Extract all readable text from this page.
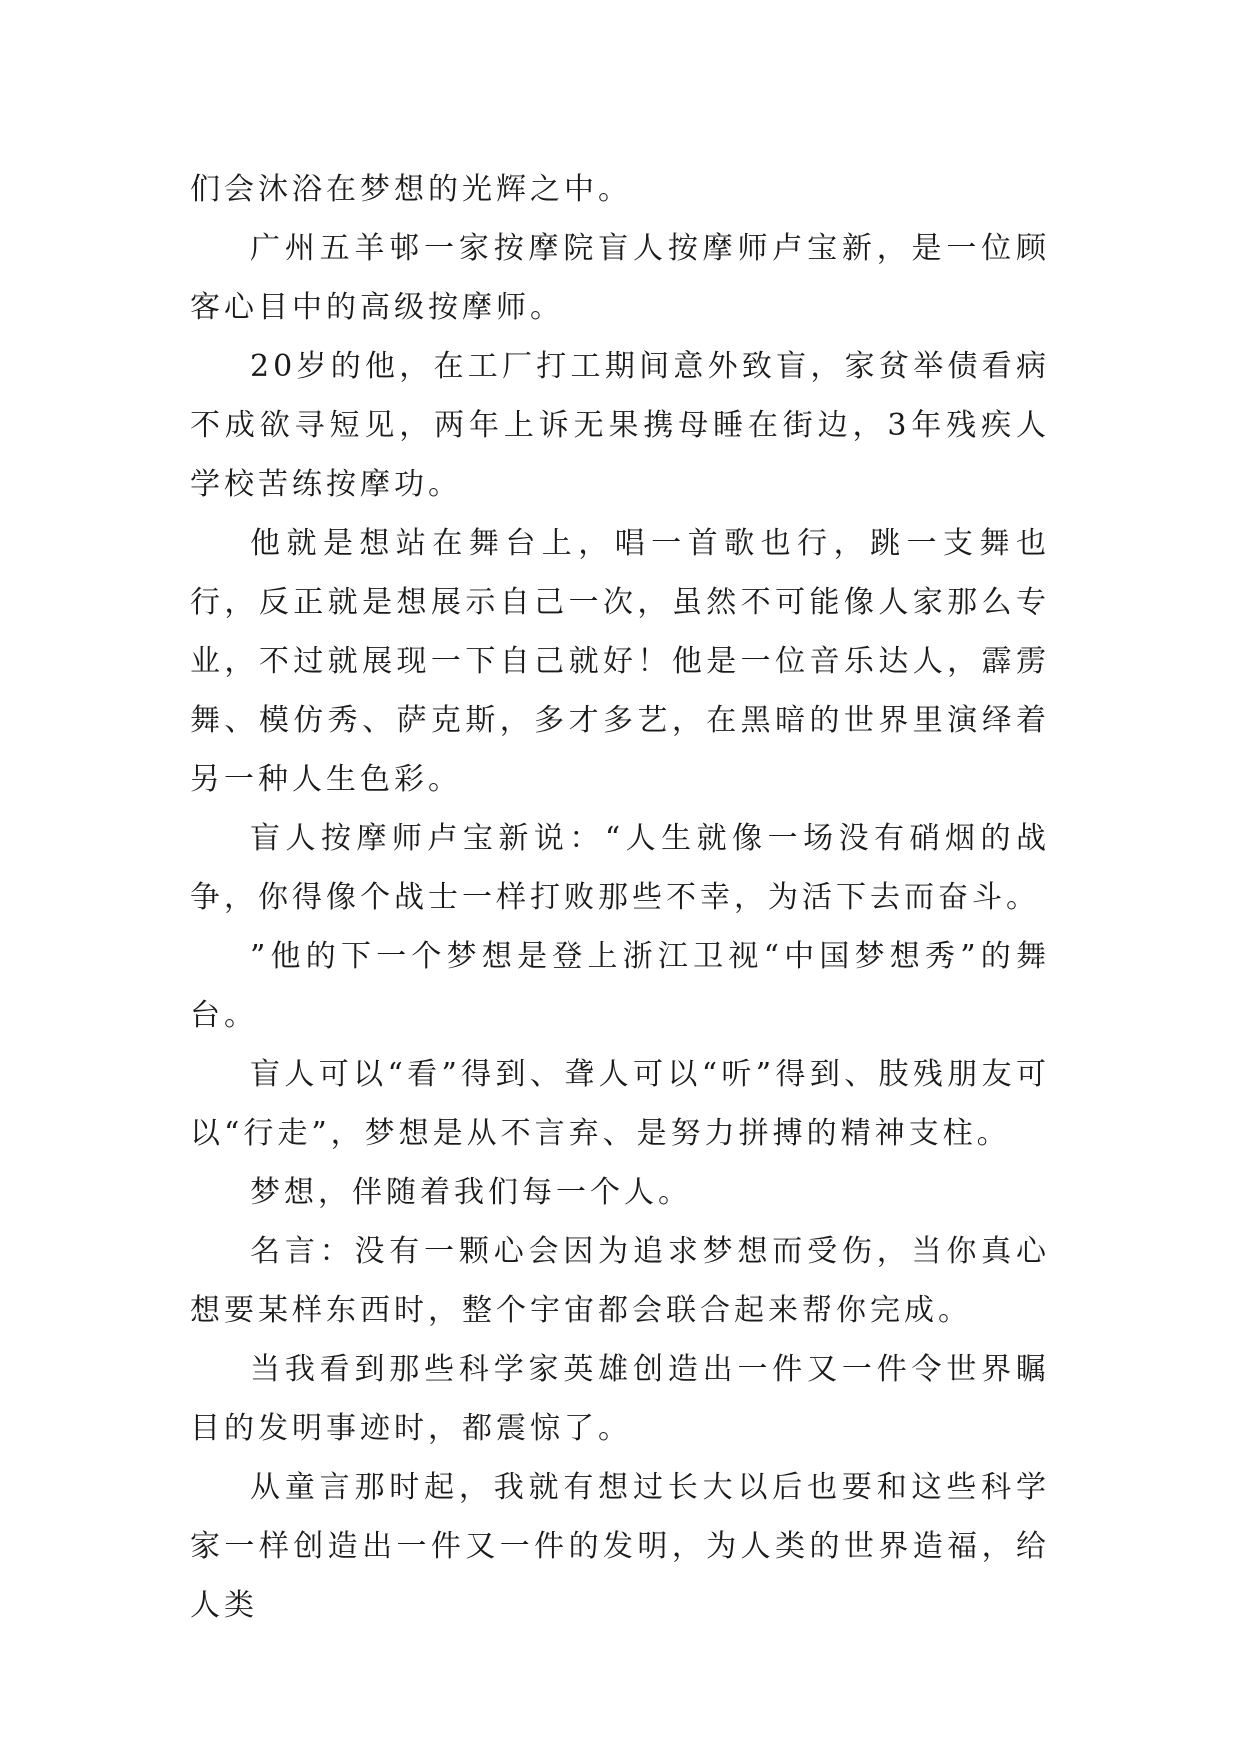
们会沐浴在梦想的光辉之中。

广州五羊邨一家按摩院盲人按摩师卢宝新，是一位顾客心目中的高级按摩师。

20岁的他，在工厂打工期间意外致盲，家贫举债看病不成欲寻短见，两年上诉无果携母睡在街边，3年残疾人学校苦练按摩功。

他就是想站在舞台上，唱一首歌也行，跳一支舞也行，反正就是想展示自己一次，虽然不可能像人家那么专业，不过就展现一下自己就好！他是一位音乐达人，霹雳舞、模仿秀、萨克斯，多才多艺，在黑暗的世界里演绎着另一种人生色彩。

盲人按摩师卢宝新说：“人生就像一场没有硝烟的战争，你得像个战士一样打败那些不幸，为活下去而奋斗。

”他的下一个梦想是登上浙江卫视“中国梦想秀”的舞台。

盲人可以“看”得到、聋人可以“听”得到、肢残朋友可以“行走”，梦想是从不言弃、是努力拼搏的精神支柱。

梦想，伴随着我们每一个人。

名言：没有一颗心会因为追求梦想而受伤，当你真心想要某样东西时，整个宇宙都会联合起来帮你完成。

当我看到那些科学家英雄创造出一件又一件令世界瞩目的发明事迹时，都震惊了。

从童言那时起，我就有想过长大以后也要和这些科学家一样创造出一件又一件的发明，为人类的世界造福，给人类
